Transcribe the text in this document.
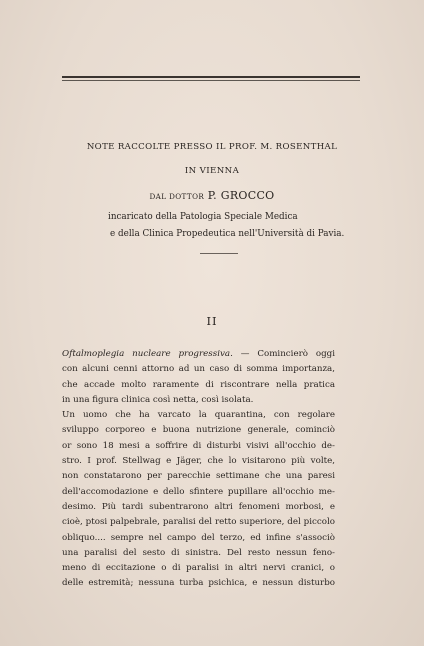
NOTE RACCOLTE PRESSO IL PROF. M. ROSENTHAL
IN VIENNA
DAL DOTTOR P. GROCCO
incaricato della Patologia Speciale Medica
e della Clinica Propedeutica nell'Università di Pavia.
II
Oftalmoplegia nucleare progressiva. — Comincierò oggi
con alcuni cenni attorno ad un caso di somma importanza,
che accade molto raramente di riscontrare nella pratica
in una figura clinica così netta, così isolata.
Un uomo che ha varcato la quarantina, con regolare
sviluppo corporeo e buona nutrizione generale, cominciò
or sono 18 mesi a soffrire di disturbi visivi all'occhio de-
stro. I prof. Stellwag e Jäger, che lo visitarono più volte,
non constatarono per parecchie settimane che una paresi
dell'accomodazione e dello sfintere pupillare all'occhio me-
desimo. Più tardi subentrarono altri fenomeni morbosi, e
cioè, ptosi palpebrale, paralisi del retto superiore, del piccolo
obliquo.... sempre nel campo del terzo, ed infine s'associò
una paralisi del sesto di sinistra. Del resto nessun feno-
meno di eccitazione o di paralisi in altri nervi cranici, o
delle estremità; nessuna turba psichica, e nessun disturbo
